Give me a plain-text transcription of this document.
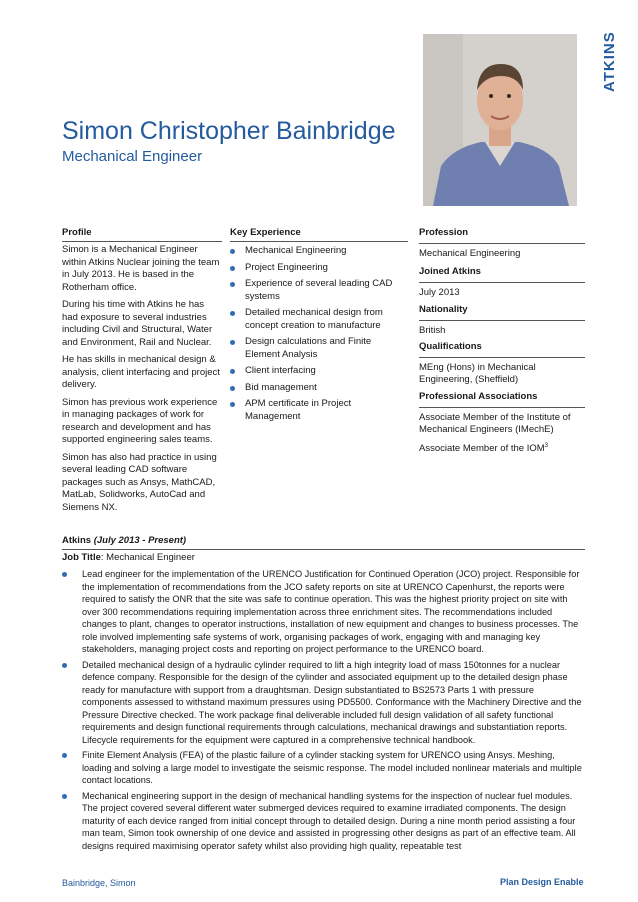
ATKINS
Simon Christopher Bainbridge
Mechanical Engineer
Profile

Simon is a Mechanical Engineer within Atkins Nuclear joining the team in July 2013. He is based in the Rotherham office.

During his time with Atkins he has had exposure to several industries including Civil and Structural, Water and Environment, Rail and Nuclear.

He has skills in mechanical design & analysis, client interfacing and project delivery.

Simon has previous work experience in managing packages of work for research and development and has supported engineering sales teams.

Simon has also had practice in using several leading CAD software packages such as Ansys, MathCAD, MatLab, Solidworks, AutoCad and Siemens NX.

Key Experience
Mechanical Engineering
Project Engineering
Experience of several leading CAD systems
Detailed mechanical design from concept creation to manufacture
Design calculations and Finite Element Analysis
Client interfacing
Bid management
APM certificate in Project Management
Profession
Mechanical Engineering
Joined Atkins
July 2013
Nationality
British
Qualifications
MEng (Hons) in Mechanical Engineering, (Sheffield)
Professional Associations
Associate Member of the Institute of Mechanical Engineers (IMechE)
Associate Member of the IOM$^3$
Atkins (July 2013 - Present)
Job Title: Mechanical Engineer
Lead engineer for the implementation of the URENCO Justification for Continued Operation (JCO) project. Responsible for the implementation of recommendations from the JCO safety reports on site at URENCO Capenhurst, the reports were required to satisfy the ONR that the site was safe to continue operation. This was the highest priority project on site with over 300 recommendations requiring implementation across three enrichment sites. The recommendations included changes to plant, changes to operator instructions, installation of new equipment and changes to business processes. The role involved implementing safe systems of work, organising packages of work, engaging with and managing key stakeholders, managing project costs and reporting on project performance to the URENCO board.
Detailed mechanical design of a hydraulic cylinder required to lift a high integrity load of mass 150tonnes for a nuclear defence company. Responsible for the design of the cylinder and associated equipment up to the detailed design phase ready for manufacture with support from a draughtsman. Design substantiated to BS2573 Parts 1 with pressure components assessed to withstand maximum pressures using PD5500. Conformance with the Machinery Directive and the Pressure Directive checked. The work package final deliverable included full design validation of all safety functional requirements and design functional requirements through calculations, mechanical drawings and substantiation reports. Lifecycle requirements for the equipment were captured in a comprehensive technical handbook.
Finite Element Analysis (FEA) of the plastic failure of a cylinder stacking system for URENCO using Ansys. Meshing, loading and solving a large model to investigate the seismic response. The model included nonlinear materials and multiple contact locations.
Mechanical engineering support in the design of mechanical handling systems for the inspection of nuclear fuel modules. The project covered several different water submerged devices required to examine irradiated components. The design maturity of each device ranged from initial concept through to detailed design. During a nine month period assisting a four man team, Simon took ownership of one device and assisted in progressing other designs as part of an effective team. All designs required maximising operator safety whilst also providing high quality, repeatable test
Bainbridge, Simon	Plan Design Enable
